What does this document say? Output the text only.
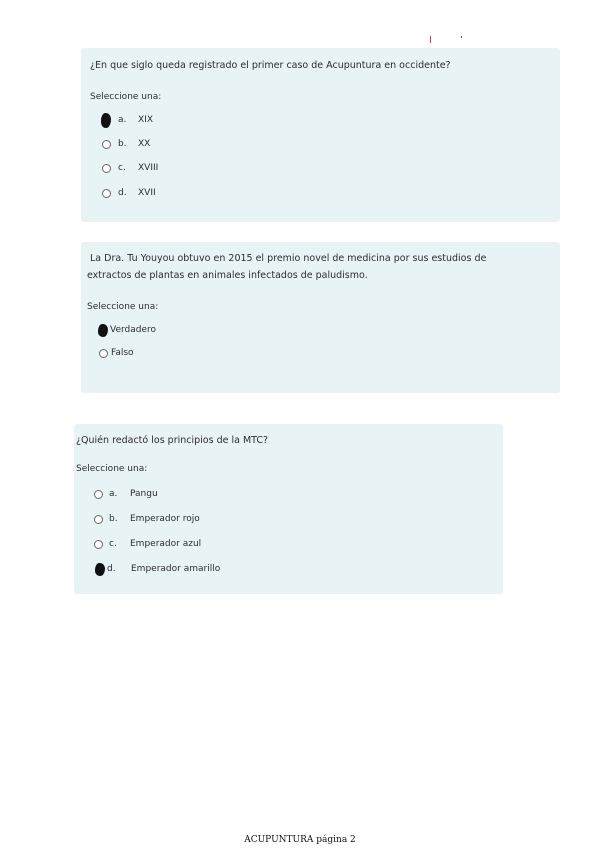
¿En que siglo queda registrado el primer caso de Acupuntura en occidente?
Seleccione una:
a.	XIX
b.	XX
c.	XVIII
d.	XVII
La Dra. Tu Youyou obtuvo en 2015 el premio novel de medicina por sus estudios de
extractos de plantas en animales infectados de paludismo.
Seleccione una:
Verdadero
Falso
¿Quién redactó los principios de la MTC?
Seleccione una:
a.	Pangu
b.	Emperador rojo
c.	Emperador azul
d.	Emperador amarillo
ACUPUNTURA página 2
